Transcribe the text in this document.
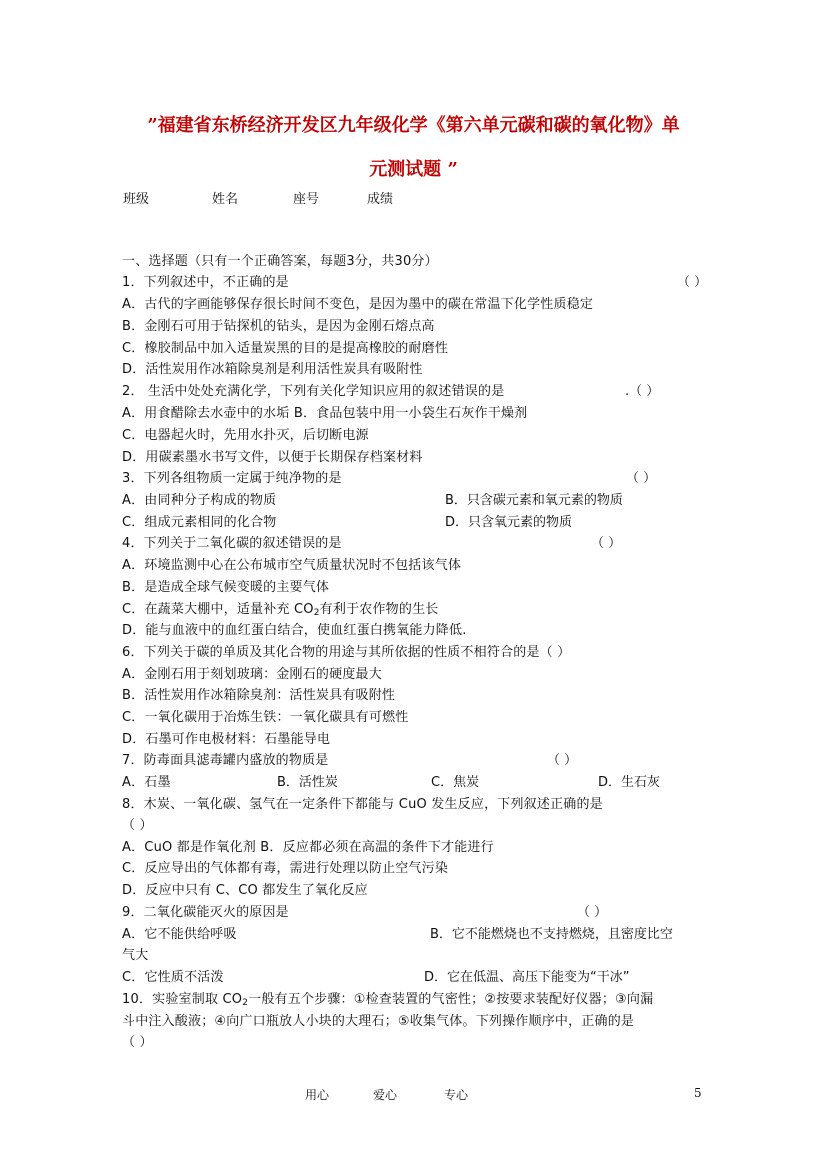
”福建省东桥经济开发区九年级化学《第六单元碳和碳的氧化物》单
元测试题 ”
班级	姓名	座号	成绩
一、选择题（只有一个正确答案，每题3分，共30分）
1．下列叙述中，不正确的是	（ ）
A．古代的字画能够保存很长时间不变色，是因为墨中的碳在常温下化学性质稳定
B．金刚石可用于钻探机的钻头，是因为金刚石熔点高
C．橡胶制品中加入适量炭黑的目的是提高橡胶的耐磨性
D．活性炭用作冰箱除臭剂是利用活性炭具有吸附性
2． 生活中处处充满化学，下列有关化学知识应用的叙述错误的是	.（ ）
A．用食醋除去水壶中的水垢 B．食品包装中用一小袋生石灰作干燥剂
C．电器起火时，先用水扑灭，后切断电源
D．用碳素墨水书写文件，以便于长期保存档案材料
3．下列各组物质一定属于纯净物的是	（ ）
A．由同种分子构成的物质	B．只含碳元素和氧元素的物质
C．组成元素相同的化合物	D．只含氧元素的物质
4．下列关于二氧化碳的叙述错误的是	（ ）
A．环境监测中心在公布城市空气质量状况时不包括该气体
B．是造成全球气候变暖的主要气体
C．在蔬菜大棚中，适量补充 $CO_2$有利于农作物的生长
D．能与血液中的血红蛋白结合，使血红蛋白携氧能力降低.
6．下列关于碳的单质及其化合物的用途与其所依据的性质不相符合的是（ ）
A．金刚石用于刻划玻璃：金刚石的硬度最大
B．活性炭用作冰箱除臭剂：活性炭具有吸附性
C．一氧化碳用于冶炼生铁：一氧化碳具有可燃性
D．石墨可作电极材料：石墨能导电
7．防毒面具滤毒罐内盛放的物质是	（ ）
A．石墨	B．活性炭	C．焦炭	D．生石灰
8．木炭、一氧化碳、氢气在一定条件下都能与 CuO 发生反应，下列叙述正确的是
（ ）
A．CuO 都是作氧化剂 B．反应都必须在高温的条件下才能进行
C．反应导出的气体都有毒，需进行处理以防止空气污染
D．反应中只有 C、CO 都发生了氧化反应
9．二氧化碳能灭火的原因是	（ ）
A．它不能供给呼吸	B．它不能燃烧也不支持燃烧，且密度比空
气大
C．它性质不活泼	D．它在低温、高压下能变为“干冰”
10．实验室制取 $CO_2$一般有五个步骤：①检查装置的气密性；②按要求装配好仪器；③向漏
斗中注入酸液；④向广口瓶放人小块的大理石；⑤收集气体。下列操作顺序中，正确的是
（ ）
用心	爱心	专心	5
